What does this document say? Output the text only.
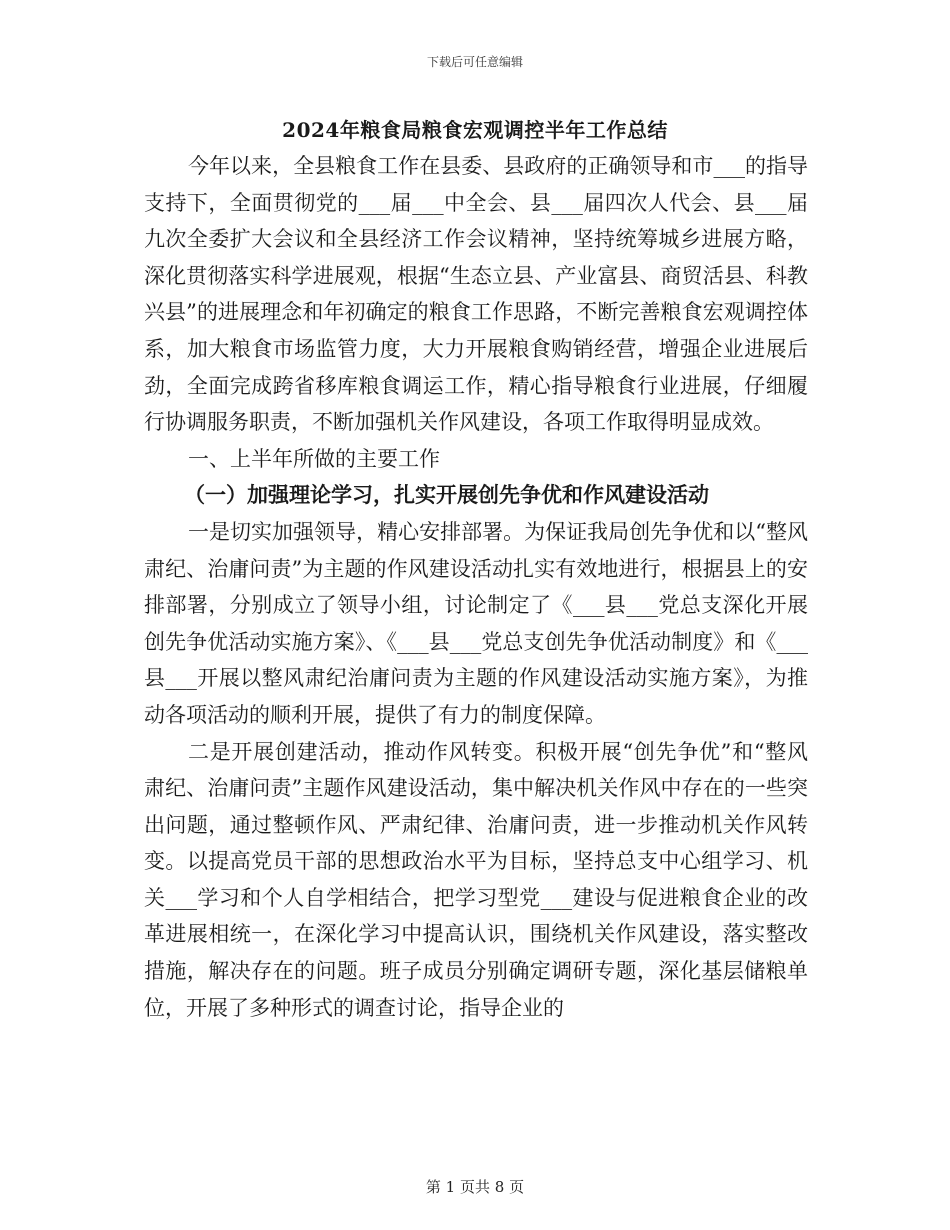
下载后可任意编辑
2024年粮食局粮食宏观调控半年工作总结

今年以来，全县粮食工作在县委、县政府的正确领导和市___的指导支持下，全面贯彻党的___届___中全会、县___届四次人代会、县___届九次全委扩大会议和全县经济工作会议精神，坚持统筹城乡进展方略，深化贯彻落实科学进展观，根据“生态立县、产业富县、商贸活县、科教兴县”的进展理念和年初确定的粮食工作思路，不断完善粮食宏观调控体系，加大粮食市场监管力度，大力开展粮食购销经营，增强企业进展后劲，全面完成跨省移库粮食调运工作，精心指导粮食行业进展，仔细履行协调服务职责，不断加强机关作风建设，各项工作取得明显成效。

一、上半年所做的主要工作

（一）加强理论学习，扎实开展创先争优和作风建设活动

一是切实加强领导，精心安排部署。为保证我局创先争优和以“整风肃纪、治庸问责”为主题的作风建设活动扎实有效地进行，根据县上的安排部署，分别成立了领导小组，讨论制定了《___县___党总支深化开展创先争优活动实施方案》、《___县___党总支创先争优活动制度》和《___县___开展以整风肃纪治庸问责为主题的作风建设活动实施方案》，为推动各项活动的顺利开展，提供了有力的制度保障。

二是开展创建活动，推动作风转变。积极开展“创先争优”和“整风肃纪、治庸问责”主题作风建设活动，集中解决机关作风中存在的一些突出问题，通过整顿作风、严肃纪律、治庸问责，进一步推动机关作风转变。以提高党员干部的思想政治水平为目标，坚持总支中心组学习、机关___学习和个人自学相结合，把学习型党___建设与促进粮食企业的改革进展相统一，在深化学习中提高认识，围绕机关作风建设，落实整改措施，解决存在的问题。班子成员分别确定调研专题，深化基层储粮单位，开展了多种形式的调查讨论，指导企业的

第 1 页共 8 页
